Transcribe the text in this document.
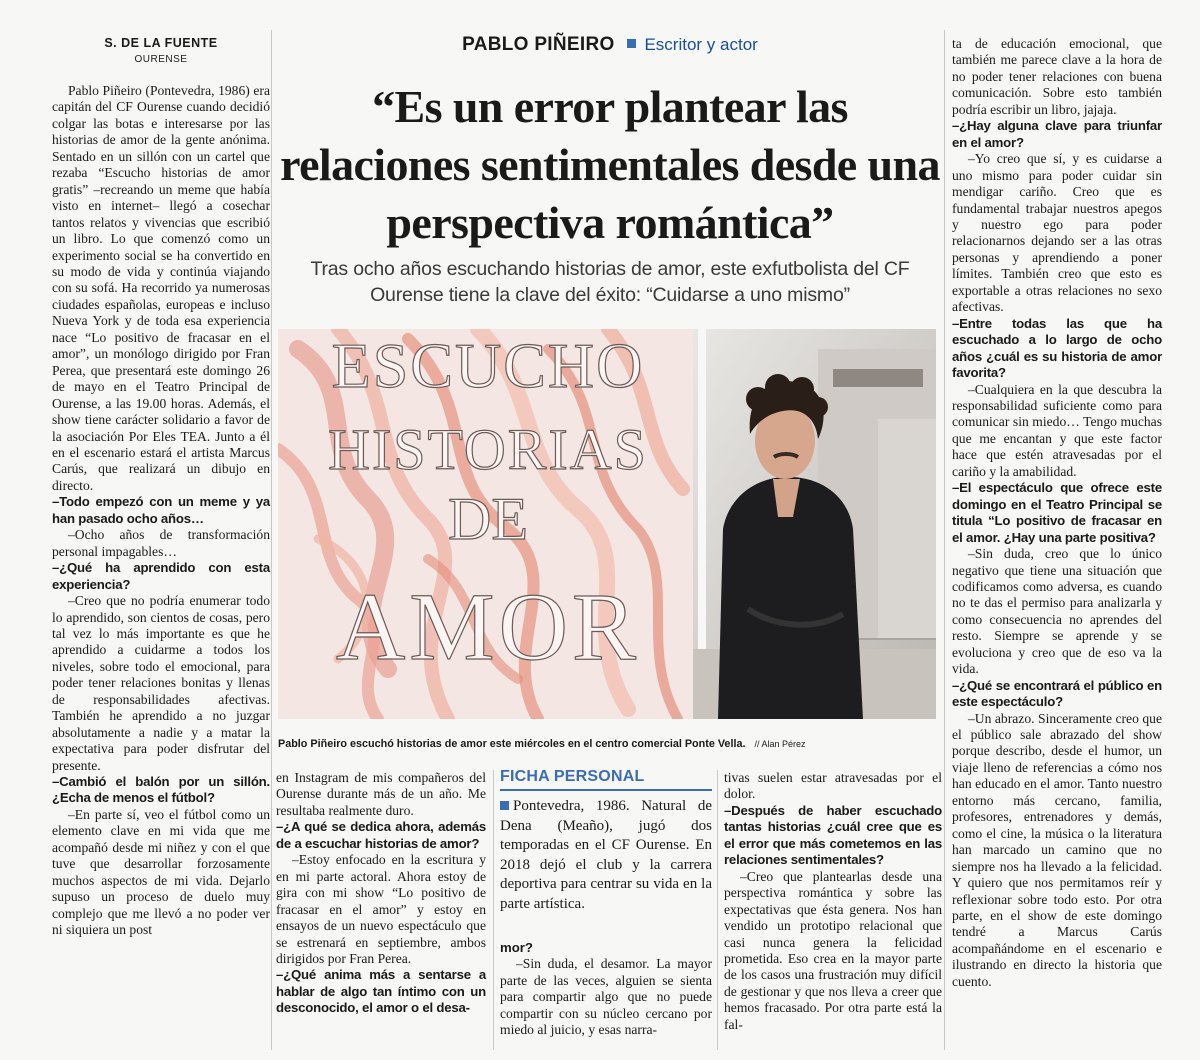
S. DE LA FUENTE
OURENSE
PABLO PIÑEIRO Escritor y actor
“Es un error plantear las relaciones sentimentales desde una perspectiva romántica”
Tras ocho años escuchando historias de amor, este exfutbolista del CF Ourense tiene la clave del éxito: “Cuidarse a uno mismo”
ESCUCHO
HISTORIAS
DE
AMOR
Pablo Piñeiro escuchó historias de amor este miércoles en el centro comercial Ponte Vella. // Alan Pérez

Pablo Piñeiro (Pontevedra, 1986) era capitán del CF Ourense cuando decidió colgar las botas e interesarse por las historias de amor de la gente anónima. Sentado en un sillón con un cartel que rezaba “Escucho historias de amor gratis” –recreando un meme que había visto en internet– llegó a cosechar tantos relatos y vivencias que escribió un libro. Lo que comenzó como un experimento social se ha convertido en su modo de vida y continúa viajando con su sofá. Ha recorrido ya numerosas ciudades españolas, europeas e incluso Nueva York y de toda esa experiencia nace “Lo positivo de fracasar en el amor”, un monólogo dirigido por Fran Perea, que presentará este domingo 26 de mayo en el Teatro Principal de Ourense, a las 19.00 horas. Además, el show tiene carácter solidario a favor de la asociación Por Eles TEA. Junto a él en el escenario estará el artista Marcus Carús, que realizará un dibujo en directo.

–Todo empezó con un meme y ya han pasado ocho años…

–Ocho años de transformación personal impagables…

–¿Qué ha aprendido con esta experiencia?

–Creo que no podría enumerar todo lo aprendido, son cientos de cosas, pero tal vez lo más importante es que he aprendido a cuidarme a todos los niveles, sobre todo el emocional, para poder tener relaciones bonitas y llenas de responsabilidades afectivas. También he aprendido a no juzgar absolutamente a nadie y a matar la expectativa para poder disfrutar del presente.

–Cambió el balón por un sillón. ¿Echa de menos el fútbol?

–En parte sí, veo el fútbol como un elemento clave en mi vida que me acompañó desde mi niñez y con el que tuve que desarrollar forzosamente muchos aspectos de mi vida. Dejarlo supuso un proceso de duelo muy complejo que me llevó a no poder ver ni siquiera un post

en Instagram de mis compañeros del Ourense durante más de un año. Me resultaba realmente duro.

–¿A qué se dedica ahora, además de a escuchar historias de amor?

–Estoy enfocado en la escritura y en mi parte actoral. Ahora estoy de gira con mi show “Lo positivo de fracasar en el amor” y estoy en ensayos de un nuevo espectáculo que se estrenará en septiembre, ambos dirigidos por Fran Perea.

–¿Qué anima más a sentarse a hablar de algo tan íntimo con un desconocido, el amor o el desa-

FICHA PERSONAL
Pontevedra, 1986. Natural de Dena (Meaño), jugó dos temporadas en el CF Ourense. En 2018 dejó el club y la carrera deportiva para centrar su vida en la parte artística.

mor?

–Sin duda, el desamor. La mayor parte de las veces, alguien se sienta para compartir algo que no puede compartir con su núcleo cercano por miedo al juicio, y esas narra-

tivas suelen estar atravesadas por el dolor.

–Después de haber escuchado tantas historias ¿cuál cree que es el error que más cometemos en las relaciones sentimentales?

–Creo que plantearlas desde una perspectiva romántica y sobre las expectativas que ésta genera. Nos han vendido un prototipo relacional que casi nunca genera la felicidad prometida. Eso crea en la mayor parte de los casos una frustración muy difícil de gestionar y que nos lleva a creer que hemos fracasado. Por otra parte está la fal-

ta de educación emocional, que también me parece clave a la hora de no poder tener relaciones con buena comunicación. Sobre esto también podría escribir un libro, jajaja.

–¿Hay alguna clave para triunfar en el amor?

–Yo creo que sí, y es cuidarse a uno mismo para poder cuidar sin mendigar cariño. Creo que es fundamental trabajar nuestros apegos y nuestro ego para poder relacionarnos dejando ser a las otras personas y aprendiendo a poner límites. También creo que esto es exportable a otras relaciones no sexo afectivas.

–Entre todas las que ha escuchado a lo largo de ocho años ¿cuál es su historia de amor favorita?

–Cualquiera en la que descubra la responsabilidad suficiente como para comunicar sin miedo… Tengo muchas que me encantan y que este factor hace que estén atravesadas por el cariño y la amabilidad.

–El espectáculo que ofrece este domingo en el Teatro Principal se titula “Lo positivo de fracasar en el amor. ¿Hay una parte positiva?

–Sin duda, creo que lo único negativo que tiene una situación que codificamos como adversa, es cuando no te das el permiso para analizarla y como consecuencia no aprendes del resto. Siempre se aprende y se evoluciona y creo que de eso va la vida.

–¿Qué se encontrará el público en este espectáculo?

–Un abrazo. Sinceramente creo que el público sale abrazado del show porque describo, desde el humor, un viaje lleno de referencias a cómo nos han educado en el amor. Tanto nuestro entorno más cercano, familia, profesores, entrenadores y demás, como el cine, la música o la literatura han marcado un camino que no siempre nos ha llevado a la felicidad. Y quiero que nos permitamos reír y reflexionar sobre todo esto. Por otra parte, en el show de este domingo tendré a Marcus Carús acompañándome en el escenario e ilustrando en directo la historia que cuento.
